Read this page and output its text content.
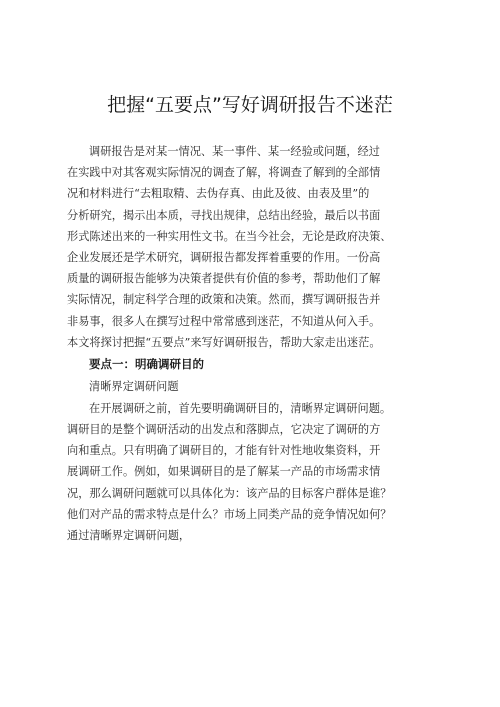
把握“五要点”写好调研报告不迷茫
调研报告是对某一情况、某一事件、某一经验或问题，经过
在实践中对其客观实际情况的调查了解，将调查了解到的全部情
况和材料进行“去粗取精、去伪存真、由此及彼、由表及里”的
分析研究，揭示出本质，寻找出规律，总结出经验，最后以书面
形式陈述出来的一种实用性文书。在当今社会，无论是政府决策、
企业发展还是学术研究，调研报告都发挥着重要的作用。一份高
质量的调研报告能够为决策者提供有价值的参考，帮助他们了解
实际情况，制定科学合理的政策和决策。然而，撰写调研报告并
非易事，很多人在撰写过程中常常感到迷茫，不知道从何入手。
本文将探讨把握“五要点”来写好调研报告，帮助大家走出迷茫。
要点一：明确调研目的
清晰界定调研问题
在开展调研之前，首先要明确调研目的，清晰界定调研问题。
调研目的是整个调研活动的出发点和落脚点，它决定了调研的方
向和重点。只有明确了调研目的，才能有针对性地收集资料，开
展调研工作。例如，如果调研目的是了解某一产品的市场需求情
况，那么调研问题就可以具体化为：该产品的目标客户群体是谁？
他们对产品的需求特点是什么？市场上同类产品的竞争情况如何？
通过清晰界定调研问题，
